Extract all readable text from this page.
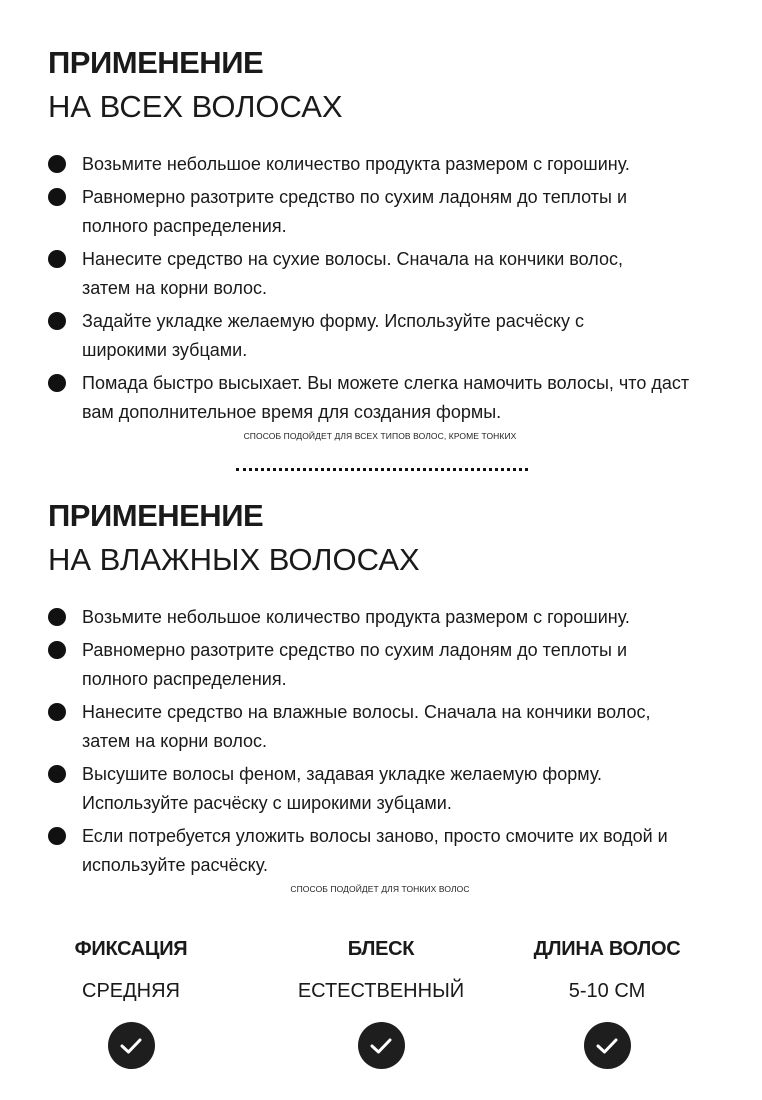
ПРИМЕНЕНИЕ
НА ВСЕХ ВОЛОСАХ
Возьмите небольшое количество продукта размером с горошину.
Равномерно разотрите средство по сухим ладоням до теплоты и полного распределения.
Нанесите средство на сухие волосы. Сначала на кончики волос, затем на корни волос.
Задайте укладке желаемую форму. Используйте расчёску с широкими зубцами.
Помада быстро высыхает. Вы можете слегка намочить волосы, что даст вам дополнительное время для создания формы.
СПОСОБ ПОДОЙДЕТ ДЛЯ ВСЕХ ТИПОВ ВОЛОС, КРОМЕ ТОНКИХ
ПРИМЕНЕНИЕ
НА ВЛАЖНЫХ ВОЛОСАХ
Возьмите небольшое количество продукта размером с горошину.
Равномерно разотрите средство по сухим ладоням до теплоты и полного распределения.
Нанесите средство на влажные волосы. Сначала на кончики волос, затем на корни волос.
Высушите волосы феном, задавая укладке желаемую форму. Используйте расчёску с широкими зубцами.
Если потребуется уложить волосы заново, просто смочите их водой и используйте расчёску.
СПОСОБ ПОДОЙДЕТ ДЛЯ ТОНКИХ ВОЛОС
ФИКСАЦИЯ
СРЕДНЯЯ
БЛЕСК
ЕСТЕСТВЕННЫЙ
ДЛИНА ВОЛОС
5-10 СМ
